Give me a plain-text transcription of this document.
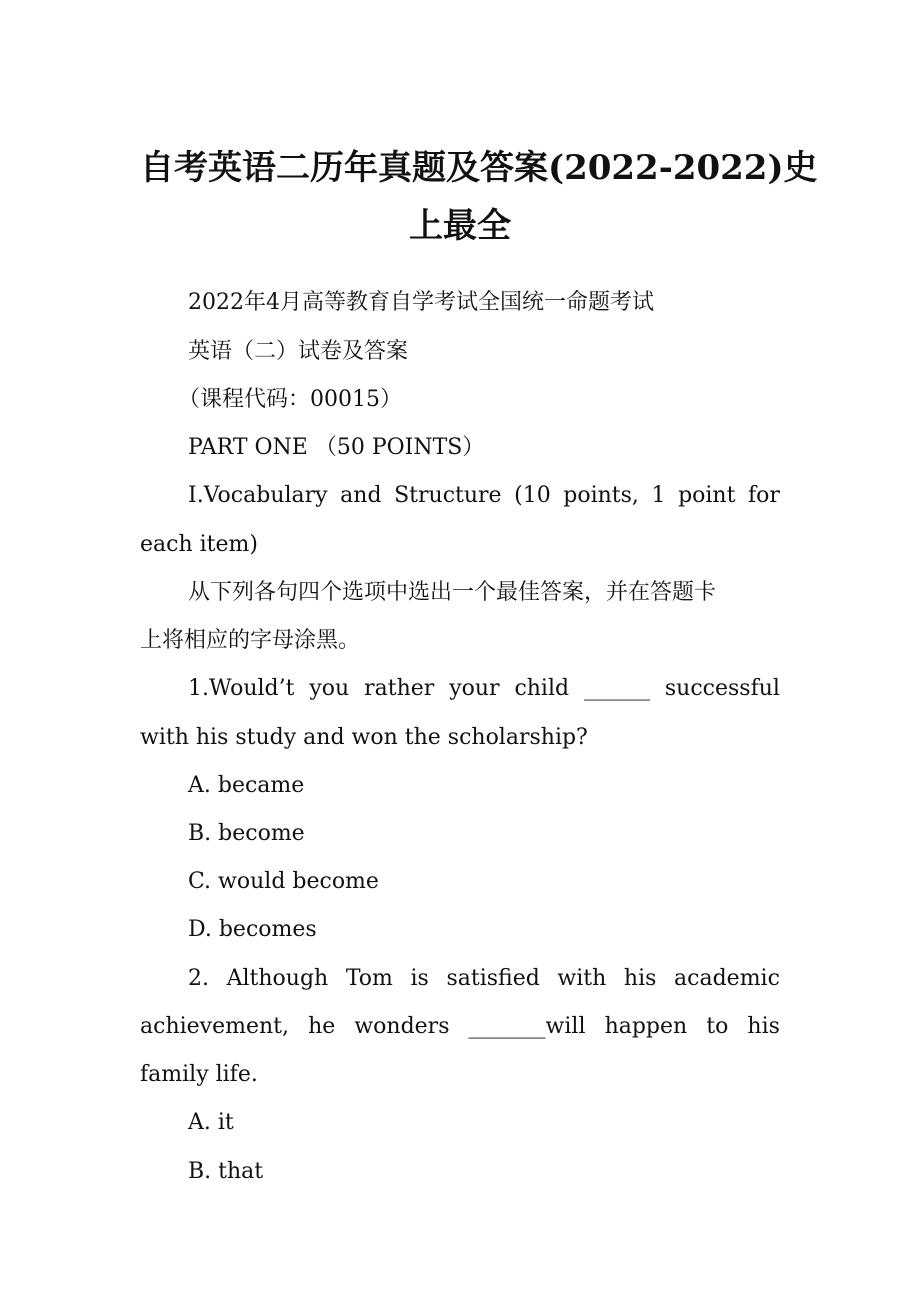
自考英语二历年真题及答案(2022-2022)史
上最全
2022年4月高等教育自学考试全国统一命题考试
英语（二）试卷及答案
（课程代码：00015）
PART ONE （50 POINTS）
Ⅰ.Vocabulary and Structure (10 points, 1 point for
each item)
从下列各句四个选项中选出一个最佳答案，并在答题卡
上将相应的字母涂黑。
1.Would’t you rather your child ______ successful
with his study and won the scholarship?
A. became
B. become
C. would become
D. becomes
2. Although Tom is satisfied with his academic
achievement, he wonders _______will happen to his
family life.
A. it
B. that
